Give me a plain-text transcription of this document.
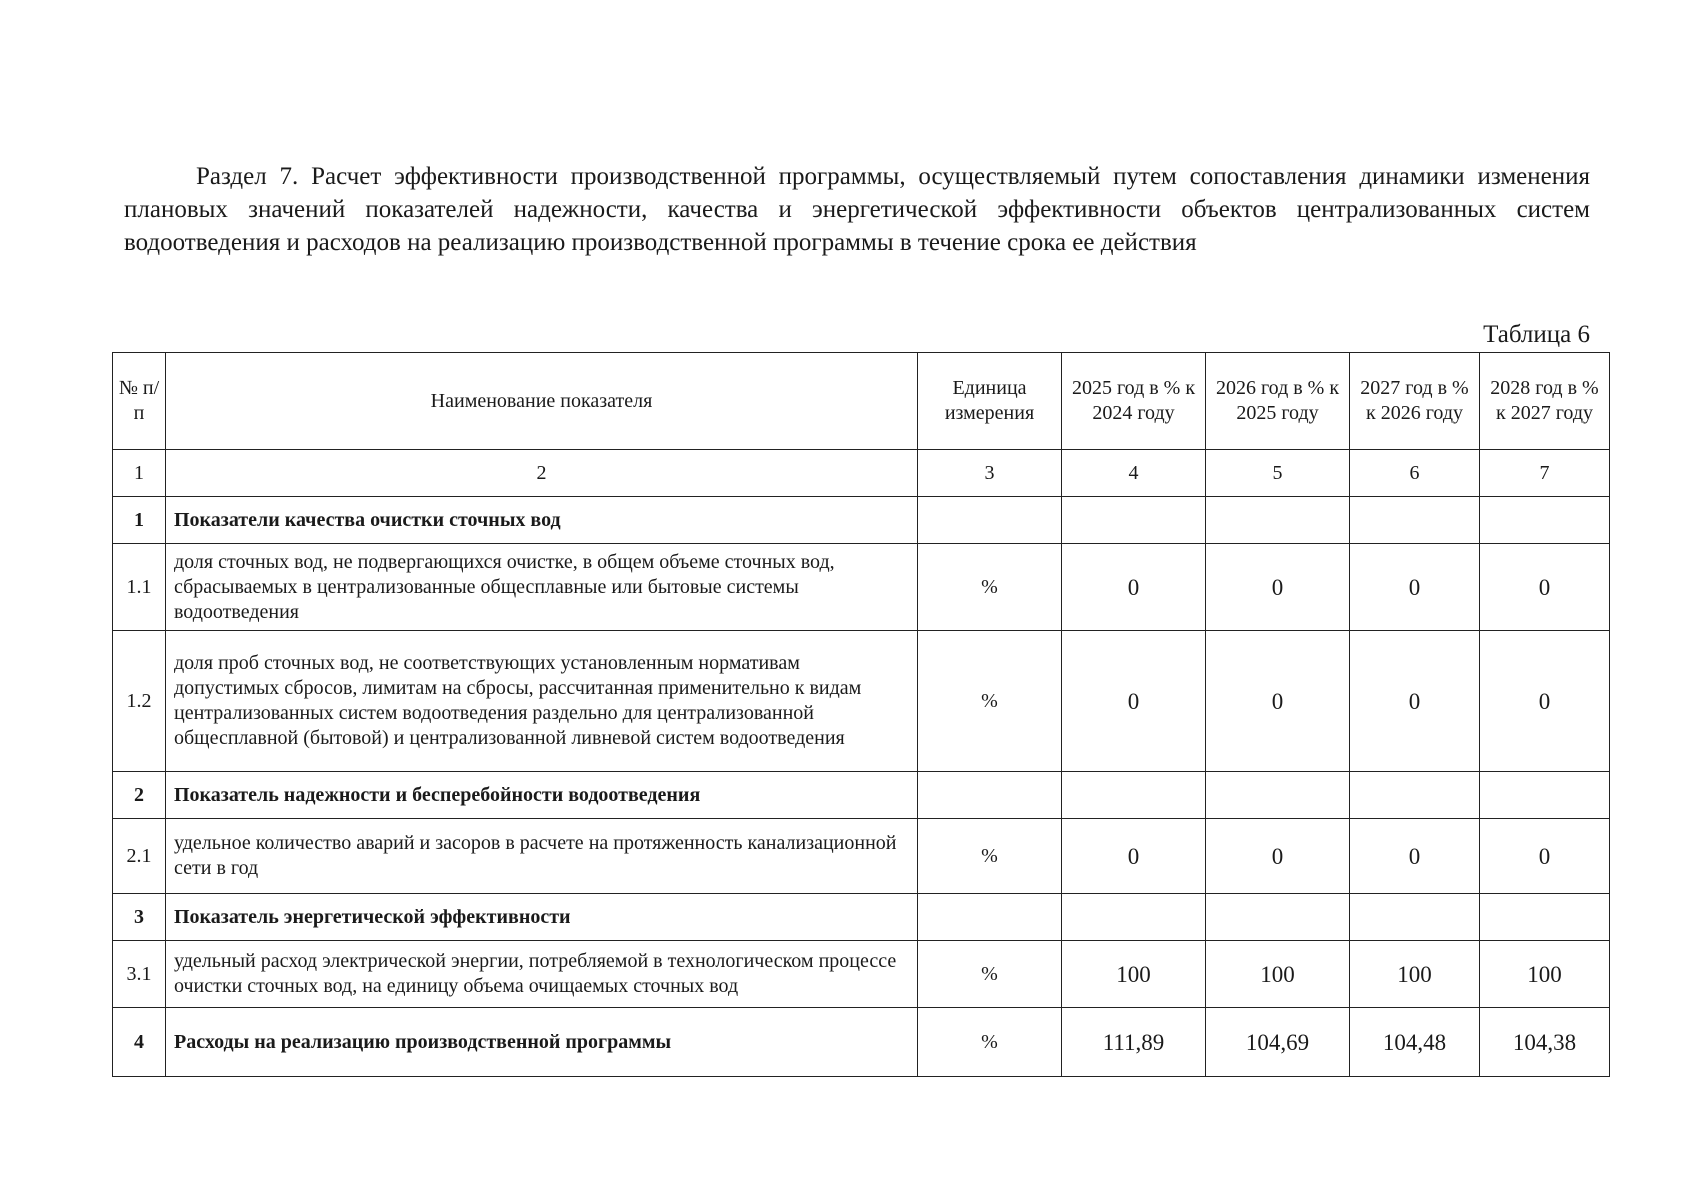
Раздел 7. Расчет эффективности производственной программы, осуществляемый путем сопоставления динамики изменения плановых значений показателей надежности, качества и энергетической эффективности объектов централизованных систем водоотведения и расходов на реализацию производственной программы в течение срока ее действия

Таблица 6

№ п/п	Наименование показателя	Единица измерения	2025 год в % к 2024 году	2026 год в % к 2025 году	2027 год в % к 2026 году	2028 год в % к 2027 году
1	2	3	4	5	6	7
1	Показатели качества очистки сточных вод					
1.1	доля сточных вод, не подвергающихся очистке, в общем объеме сточных вод, сбрасываемых в централизованные общесплавные или бытовые системы водоотведения	%	0	0	0	0
1.2	доля проб сточных вод, не соответствующих установленным нормативам допустимых сбросов, лимитам на сбросы, рассчитанная применительно к видам централизованных систем водоотведения раздельно для централизованной общесплавной (бытовой) и централизованной ливневой систем водоотведения	%	0	0	0	0
2	Показатель надежности и бесперебойности водоотведения					
2.1	удельное количество аварий и засоров в расчете на протяженность канализационной сети в год	%	0	0	0	0
3	Показатель энергетической эффективности					
3.1	удельный расход электрической энергии, потребляемой в технологическом процессе очистки сточных вод, на единицу объема очищаемых сточных вод	%	100	100	100	100
4	Расходы на реализацию производственной программы	%	111,89	104,69	104,48	104,38
